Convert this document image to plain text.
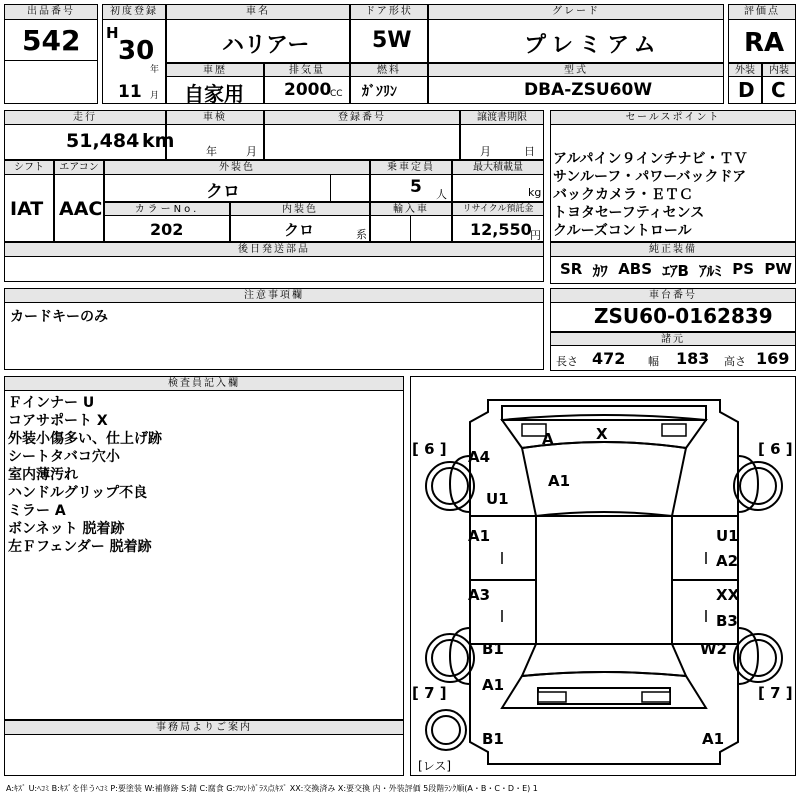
出品番号
542
初度登録
H
30
年
11 月
車名
ハリアー
ドア形状
5W
グレード
プレミアム
評価点
RA
車歴
自家用
排気量
2000
CC
燃料
ｶﾞｿﾘﾝ
型式
DBA-ZSU60W
外装	内装
D C
走行
51,484 km
車検
年	月
登録番号	譲渡書期限
月	日
シフト
IAT
エアコン
AAC
外装色
クロ
乗車定員
5 人
最大積載量
kg
カラーNo.
202
内装色
クロ	系
輸入車	リサイクル預託金
12,550
円
後日発送部品
セールスポイント
アルパイン９インチナビ・ＴＶ
サンルーフ・パワーバックドア
バックカメラ・ＥＴＣ
トヨタセーフティセンス
クルーズコントロール
純正装備
SR ｶﾜ ABS ｴｱB ｱﾙﾐ PS PW
注意事項欄
カードキーのみ
車台番号
ZSU60-0162839
諸元
長さ 472 幅 183 高さ 169
検査員記入欄
Ｆインナー U
コアサポート X
外装小傷多い、仕上げ跡
シートタバコ穴小
室内薄汚れ
ハンドルグリップ不良
ミラー A
ボンネット 脱着跡
左Ｆフェンダー 脱着跡
事務局よりご案内
A	X
A4
U1
A1
A1	U1
A2
A3	XX
B3
B1	W2
A1
B1	A1
[ 6 ]	[ 6 ]
[ 7 ]	[ 7 ]
[レス]
A:ｷｽﾞ U:ﾍｺﾐ B:ｷｽﾞを伴うﾍｺﾐ P:要塗装 W:補修跡 S:錆 C:腐食 G:ﾌﾛﾝﾄｶﾞﾗｽ点ｷｽﾞ XX:交換済み X:要交換 内・外装評価 5段階ﾗﾝｸ順(A・B・C・D・E) 1
